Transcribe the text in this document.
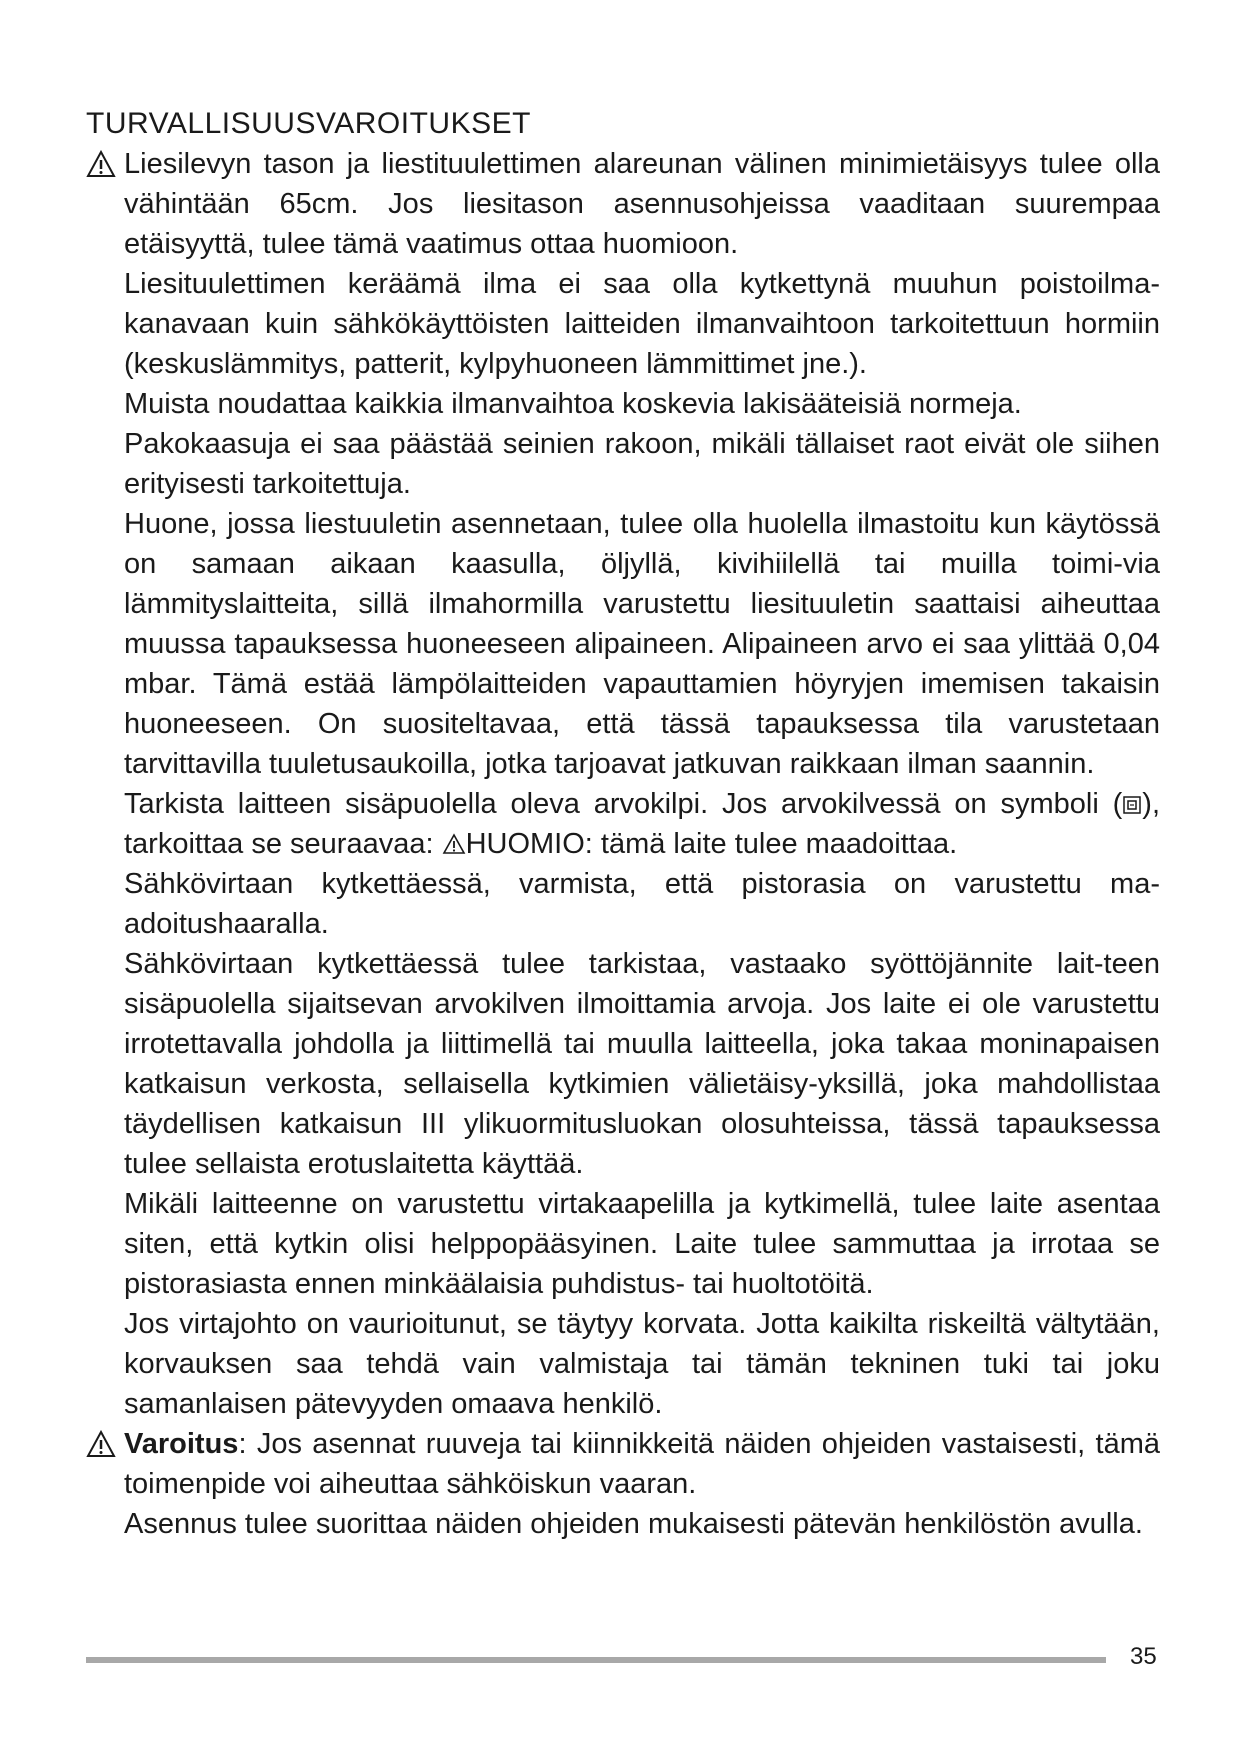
TURVALLISUUSVAROITUKSET

Liesilevyn tason ja liestituulettimen alareunan välinen minimietäisyys tulee olla vähintään 65cm. Jos liesitason asennusohjeissa vaaditaan suurempaa etäisyyttä, tulee tämä vaatimus ottaa huomioon.

Liesituulettimen keräämä ilma ei saa olla kytkettynä muuhun poistoilma-kanavaan kuin sähkökäyttöisten laitteiden ilmanvaihtoon tarkoitettuun hormiin (keskuslämmitys, patterit, kylpyhuoneen lämmittimet jne.).

Muista noudattaa kaikkia ilmanvaihtoa koskevia lakisääteisiä normeja.

Pakokaasuja ei saa päästää seinien rakoon, mikäli tällaiset raot eivät ole siihen erityisesti tarkoitettuja.

Huone, jossa liestuuletin asennetaan, tulee olla huolella ilmastoitu kun käytössä on samaan aikaan kaasulla, öljyllä, kivihiilellä tai muilla toimi-via lämmityslaitteita, sillä ilmahormilla varustettu liesituuletin saattaisi aiheuttaa muussa tapauksessa huoneeseen alipaineen. Alipaineen arvo ei saa ylittää 0,04 mbar. Tämä estää lämpölaitteiden vapauttamien höyryjen imemisen takaisin huoneeseen. On suositeltavaa, että tässä tapauksessa tila varustetaan tarvittavilla tuuletusaukoilla, jotka tarjoavat jatkuvan raikkaan ilman saannin.

Tarkista laitteen sisäpuolella oleva arvokilpi. Jos arvokilvessä on symboli ( ), tarkoittaa se seuraavaa: HUOMIO: tämä laite tulee maadoittaa.

Sähkövirtaan kytkettäessä, varmista, että pistorasia on varustettu ma-adoitushaaralla.

Sähkövirtaan kytkettäessä tulee tarkistaa, vastaako syöttöjännite lait-teen sisäpuolella sijaitsevan arvokilven ilmoittamia arvoja. Jos laite ei ole varustettu irrotettavalla johdolla ja liittimellä tai muulla laitteella, joka takaa moninapaisen katkaisun verkosta, sellaisella kytkimien välietäisy-yksillä, joka mahdollistaa täydellisen katkaisun III ylikuormitusluokan olosuhteissa, tässä tapauksessa tulee sellaista erotuslaitetta käyttää.

Mikäli laitteenne on varustettu virtakaapelilla ja kytkimellä, tulee laite asentaa siten, että kytkin olisi helppopääsyinen. Laite tulee sammuttaa ja irrotaa se pistorasiasta ennen minkäälaisia puhdistus- tai huoltotöitä.

Jos virtajohto on vaurioitunut, se täytyy korvata. Jotta kaikilta riskeiltä vältytään, korvauksen saa tehdä vain valmistaja tai tämän tekninen tuki tai joku samanlaisen pätevyyden omaava henkilö.

Varoitus: Jos asennat ruuveja tai kiinnikkeitä näiden ohjeiden vastaisesti, tämä toimenpide voi aiheuttaa sähköiskun vaaran.

Asennus tulee suorittaa näiden ohjeiden mukaisesti pätevän henkilöstön avulla.

35
